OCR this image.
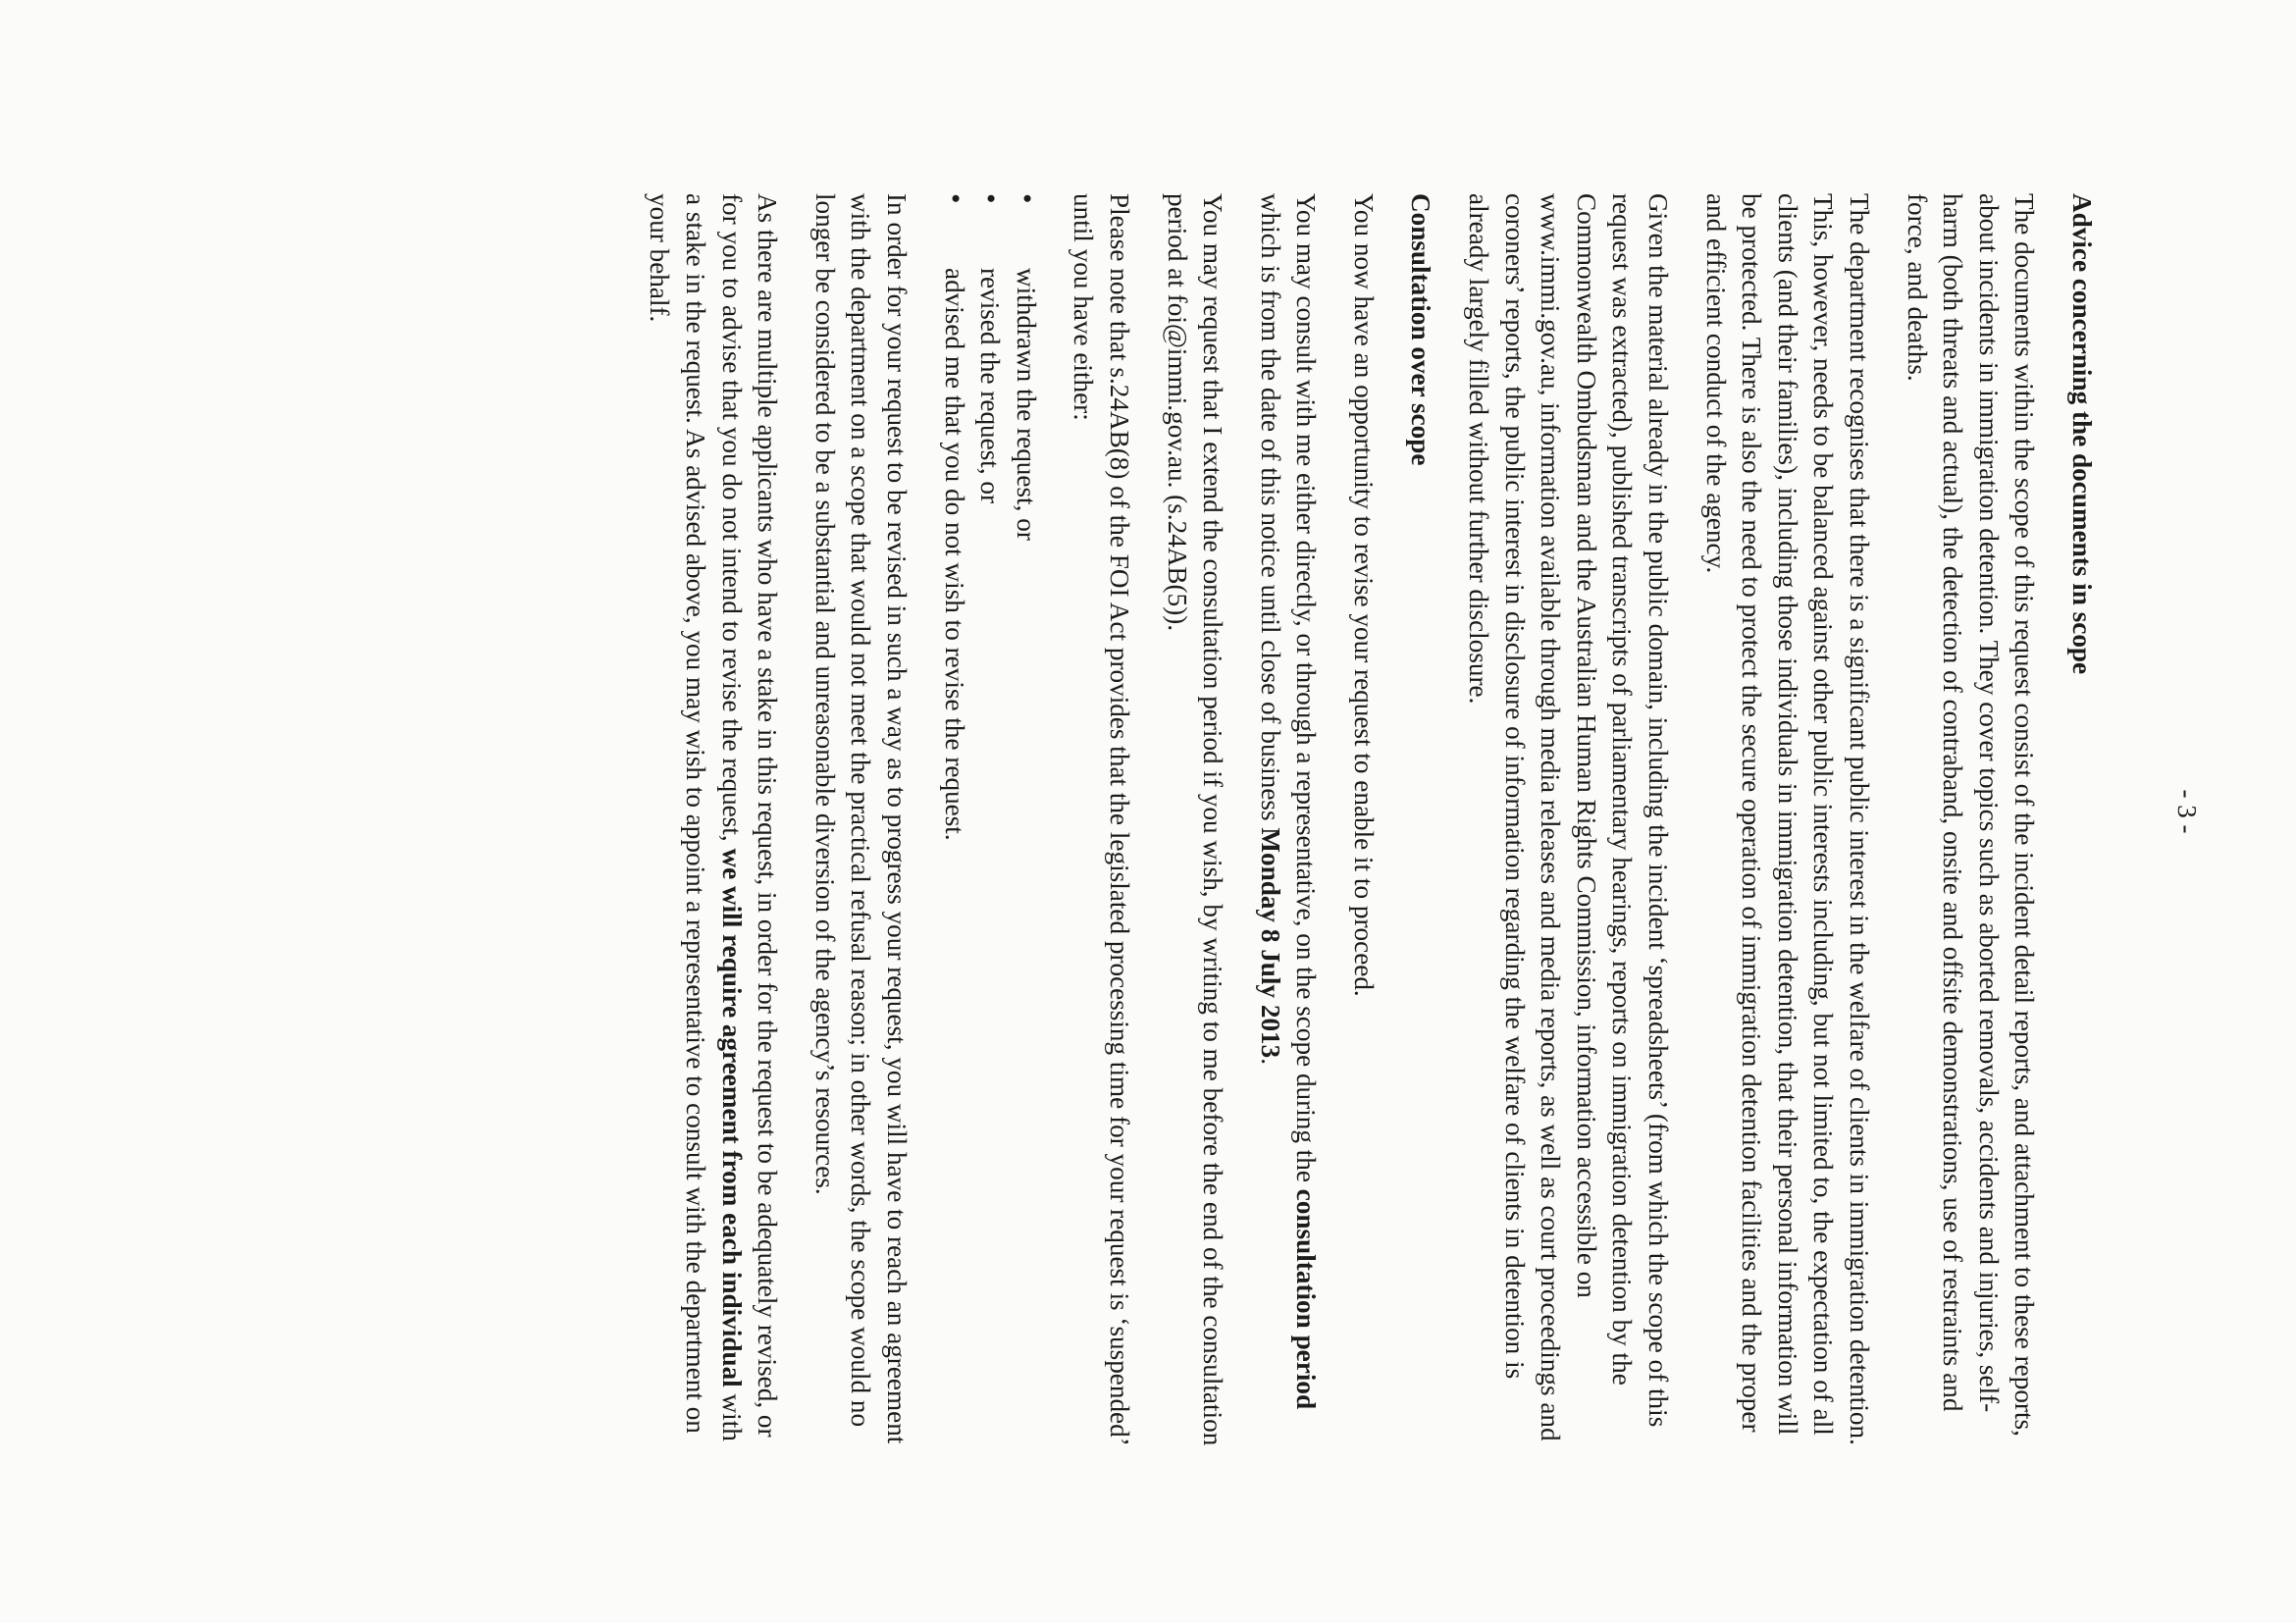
- 3 -
Advice concerning the documents in scope

The documents within the scope of this request consist of the incident detail reports, and attachment to these reports, about incidents in immigration detention. They cover topics such as aborted removals, accidents and injuries, self-harm (both threats and actual), the detection of contraband, onsite and offsite demonstrations, use of restraints and force, and deaths.

The department recognises that there is a significant public interest in the welfare of clients in immigration detention. This, however, needs to be balanced against other public interests including, but not limited to, the expectation of all clients (and their families), including those individuals in immigration detention, that their personal information will be protected. There is also the need to protect the secure operation of immigration detention facilities and the proper and efficient conduct of the agency.

Given the material already in the public domain, including the incident ‘spreadsheets’ (from which the scope of this request was extracted), published transcripts of parliamentary hearings, reports on immigration detention by the Commonwealth Ombudsman and the Australian Human Rights Commission, information accessible on www.immi.gov.au, information available through media releases and media reports, as well as court proceedings and coroners’ reports, the public interest in disclosure of information regarding the welfare of clients in detention is already largely filled without further disclosure.

Consultation over scope

You now have an opportunity to revise your request to enable it to proceed.

You may consult with me either directly, or through a representative, on the scope during the consultation period which is from the date of this notice until close of business Monday 8 July 2013.

You may request that I extend the consultation period if you wish, by writing to me before the end of the consultation period at foi@immi.gov.au. (s.24AB(5)).

Please note that s.24AB(8) of the FOI Act provides that the legislated processing time for your request is ‘suspended’ until you have either:

• withdrawn the request, or
• revised the request, or
• advised me that you do not wish to revise the request.

In order for your request to be revised in such a way as to progress your request, you will have to reach an agreement with the department on a scope that would not meet the practical refusal reason; in other words, the scope would no longer be considered to be a substantial and unreasonable diversion of the agency’s resources.

As there are multiple applicants who have a stake in this request, in order for the request to be adequately revised, or for you to advise that you do not intend to revise the request, we will require agreement from each individual with a stake in the request. As advised above, you may wish to appoint a representative to consult with the department on your behalf.
